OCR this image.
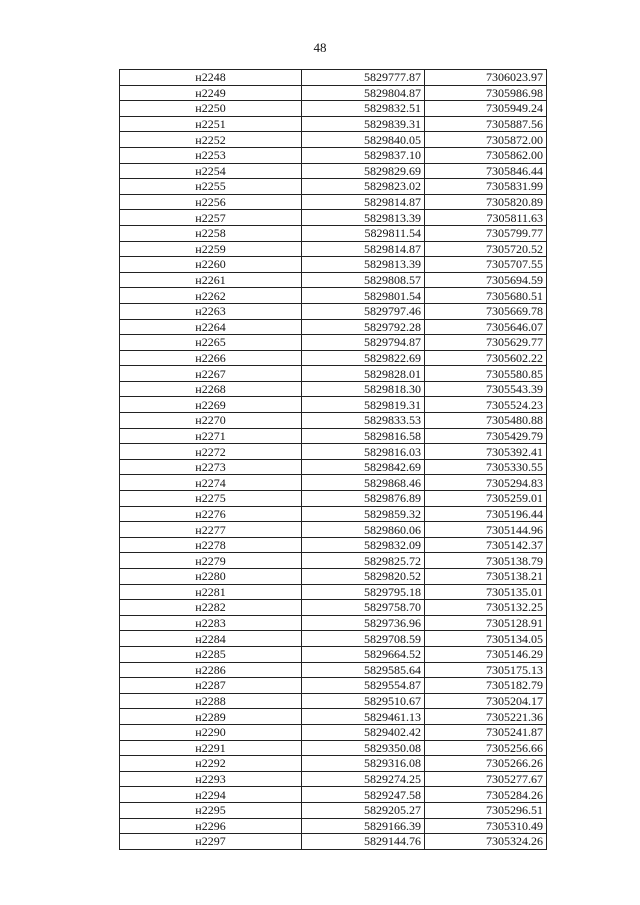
48
н2248	5829777.87	7306023.97
н2249	5829804.87	7305986.98
н2250	5829832.51	7305949.24
н2251	5829839.31	7305887.56
н2252	5829840.05	7305872.00
н2253	5829837.10	7305862.00
н2254	5829829.69	7305846.44
н2255	5829823.02	7305831.99
н2256	5829814.87	7305820.89
н2257	5829813.39	7305811.63
н2258	5829811.54	7305799.77
н2259	5829814.87	7305720.52
н2260	5829813.39	7305707.55
н2261	5829808.57	7305694.59
н2262	5829801.54	7305680.51
н2263	5829797.46	7305669.78
н2264	5829792.28	7305646.07
н2265	5829794.87	7305629.77
н2266	5829822.69	7305602.22
н2267	5829828.01	7305580.85
н2268	5829818.30	7305543.39
н2269	5829819.31	7305524.23
н2270	5829833.53	7305480.88
н2271	5829816.58	7305429.79
н2272	5829816.03	7305392.41
н2273	5829842.69	7305330.55
н2274	5829868.46	7305294.83
н2275	5829876.89	7305259.01
н2276	5829859.32	7305196.44
н2277	5829860.06	7305144.96
н2278	5829832.09	7305142.37
н2279	5829825.72	7305138.79
н2280	5829820.52	7305138.21
н2281	5829795.18	7305135.01
н2282	5829758.70	7305132.25
н2283	5829736.96	7305128.91
н2284	5829708.59	7305134.05
н2285	5829664.52	7305146.29
н2286	5829585.64	7305175.13
н2287	5829554.87	7305182.79
н2288	5829510.67	7305204.17
н2289	5829461.13	7305221.36
н2290	5829402.42	7305241.87
н2291	5829350.08	7305256.66
н2292	5829316.08	7305266.26
н2293	5829274.25	7305277.67
н2294	5829247.58	7305284.26
н2295	5829205.27	7305296.51
н2296	5829166.39	7305310.49
н2297	5829144.76	7305324.26
